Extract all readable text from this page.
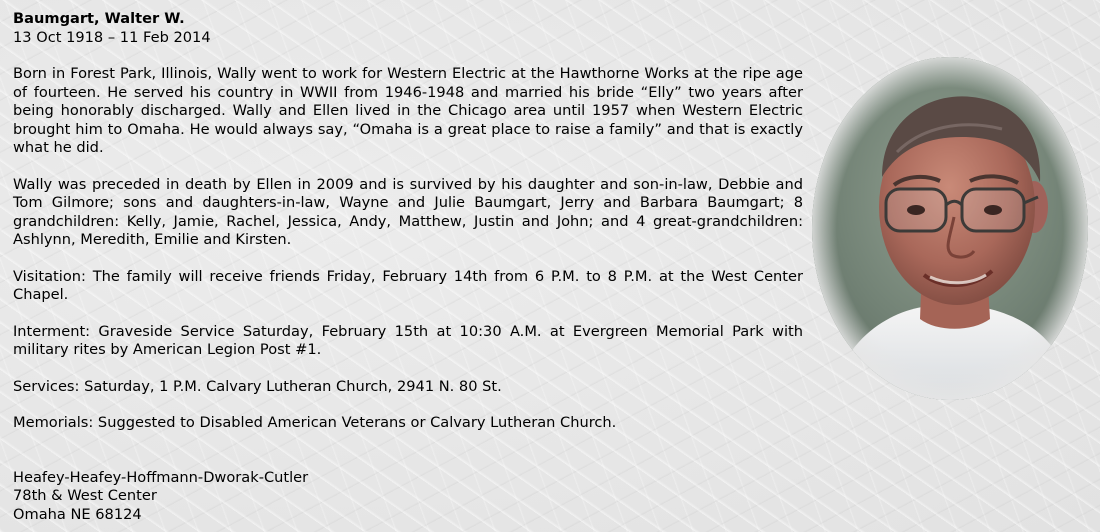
Baumgart, Walter W.

13 Oct 1918 – 11 Feb 2014

Born in Forest Park, Illinois, Wally went to work for Western Electric at the Hawthorne Works at the ripe age of fourteen. He served his country in WWII from 1946-1948 and married his bride “Elly” two years after being honorably discharged. Wally and Ellen lived in the Chicago area until 1957 when Western Electric brought him to Omaha. He would always say, “Omaha is a great place to raise a family” and that is exactly what he did.

Wally was preceded in death by Ellen in 2009 and is survived by his daughter and son-in-law, Debbie and Tom Gilmore; sons and daughters-in-law, Wayne and Julie Baumgart, Jerry and Barbara Baumgart; 8 grandchildren: Kelly, Jamie, Rachel, Jessica, Andy, Matthew, Justin and John; and 4 great-grandchildren: Ashlynn, Meredith, Emilie and Kirsten.

Visitation: The family will receive friends Friday, February 14th from 6 P.M. to 8 P.M. at the West Center Chapel.

Interment: Graveside Service Saturday, February 15th at 10:30 A.M. at Evergreen Memorial Park with military rites by American Legion Post #1.

Services: Saturday, 1 P.M. Calvary Lutheran Church, 2941 N. 80 St.

Memorials: Suggested to Disabled American Veterans or Calvary Lutheran Church.

Heafey-Heafey-Hoffmann-Dworak-Cutler
78th & West Center
Omaha NE 68124
